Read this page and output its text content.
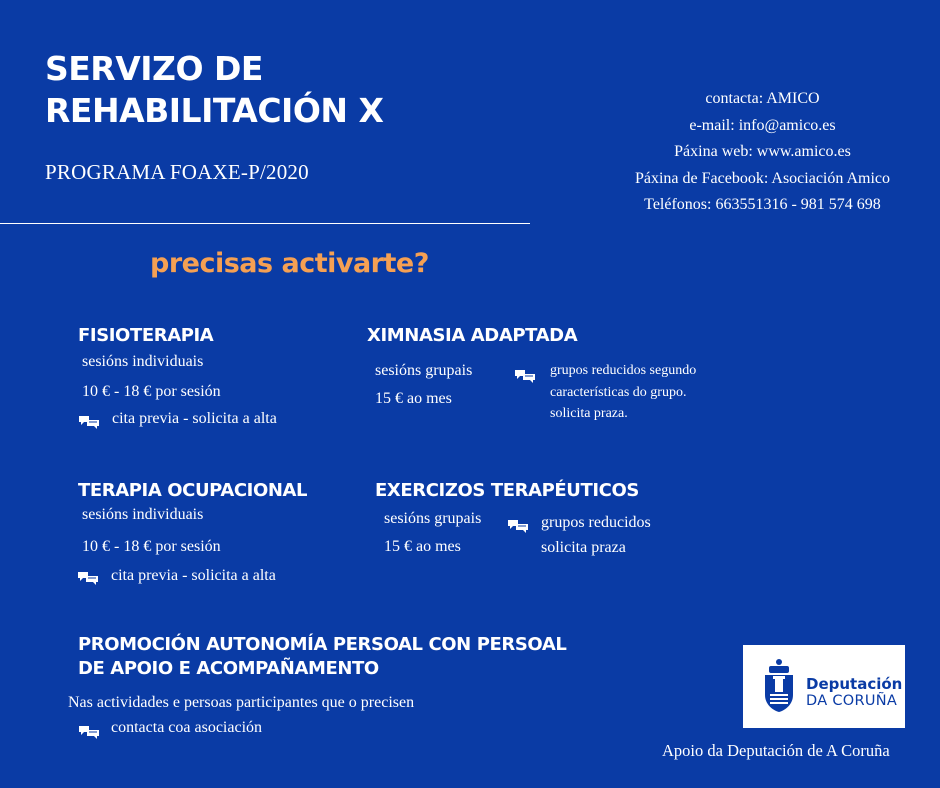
SERVIZO DE
REHABILITACIÓN X
PROGRAMA FOAXE-P/2020
contacta: AMICO
e-mail: info@amico.es
Páxina web: www.amico.es
Páxina de Facebook: Asociación Amico
Teléfonos: 663551316 - 981 574 698
precisas activarte?
FISIOTERAPIA
sesións individuais
10 € - 18 € por sesión
cita previa - solicita a alta
XIMNASIA ADAPTADA
sesións grupais
15 € ao mes
grupos reducidos segundo
características do grupo.
solicita praza.
TERAPIA OCUPACIONAL
sesións individuais
10 € - 18 € por sesión
cita previa - solicita a alta
EXERCIZOS TERAPÉUTICOS
sesións grupais
15 € ao mes
grupos reducidos
solicita praza
PROMOCIÓN AUTONOMÍA PERSOAL CON PERSOAL
DE APOIO E ACOMPAÑAMENTO
Nas actividades e persoas participantes que o precisen
contacta coa asociación
Deputación
DA CORUÑA
Apoio da Deputación de A Coruña
